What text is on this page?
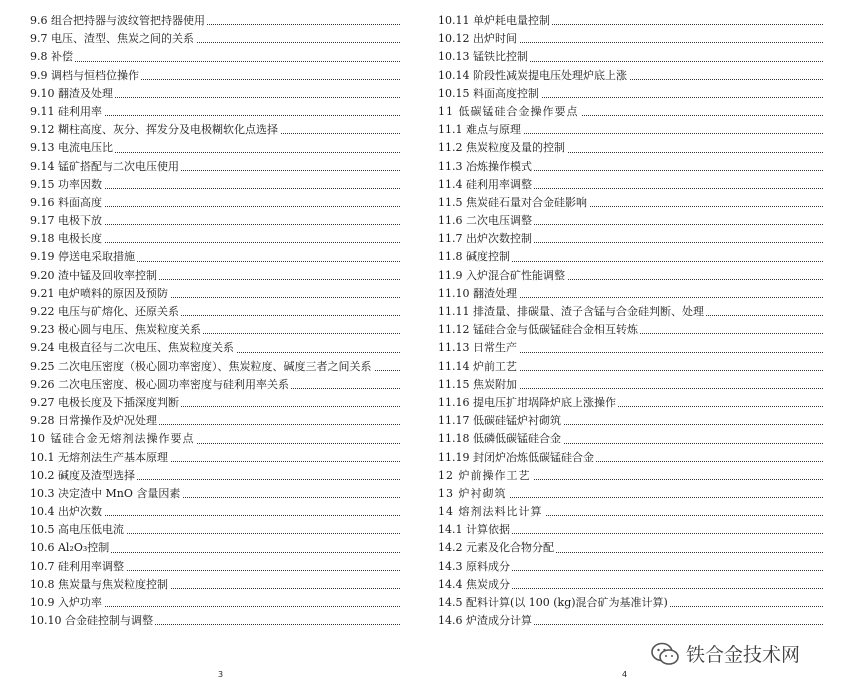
9.6 组合把持器与波纹管把持器使用
9.7 电压、渣型、焦炭之间的关系
9.8 补偿
9.9 调档与恒档位操作
9.10 翻渣及处理
9.11 硅利用率
9.12 糊柱高度、灰分、挥发分及电极糊软化点选择
9.13 电流电压比
9.14 锰矿搭配与二次电压使用
9.15 功率因数
9.16 料面高度
9.17 电极下放
9.18 电极长度
9.19 停送电采取措施
9.20 渣中锰及回收率控制
9.21 电炉喷料的原因及预防
9.22 电压与矿熔化、还原关系
9.23 极心圆与电压、焦炭粒度关系
9.24 电极直径与二次电压、焦炭粒度关系
9.25 二次电压密度（极心圆功率密度）、焦炭粒度、碱度三者之间关系
9.26 二次电压密度、极心圆功率密度与硅利用率关系
9.27 电极长度及下插深度判断
9.28 日常操作及炉况处理
10 锰硅合金无熔剂法操作要点
10.1 无熔剂法生产基本原理
10.2 碱度及渣型选择
10.3 决定渣中 MnO 含量因素
10.4 出炉次数
10.5 高电压低电流
10.6 Al₂O₃控制
10.7 硅利用率调整
10.8 焦炭量与焦炭粒度控制
10.9 入炉功率
10.10 合金硅控制与调整
3
10.11 单炉耗电量控制
10.12 出炉时间
10.13 锰铁比控制
10.14 阶段性减炭提电压处理炉底上涨
10.15 料面高度控制
11 低碳锰硅合金操作要点
11.1 难点与原理
11.2 焦炭粒度及量的控制
11.3 冶炼操作模式
11.4 硅利用率调整
11.5 焦炭硅石量对合金硅影响
11.6 二次电压调整
11.7 出炉次数控制
11.8 碱度控制
11.9 入炉混合矿性能调整
11.10 翻渣处理
11.11 排渣量、排碳量、渣子含锰与合金硅判断、处理
11.12 锰硅合金与低碳锰硅合金相互转炼
11.13 日常生产
11.14 炉前工艺
11.15 焦炭附加
11.16 提电压扩坩埚降炉底上涨操作
11.17 低碳硅锰炉衬砌筑
11.18 低磷低碳锰硅合金
11.19 封闭炉冶炼低碳锰硅合金
12 炉前操作工艺
13 炉衬砌筑
14 熔剂法料比计算
14.1 计算依据
14.2 元素及化合物分配
14.3 原料成分
14.4 焦炭成分
14.5 配料计算(以 100 (kg)混合矿为基准计算)
14.6 炉渣成分计算
4
铁合金技术网
